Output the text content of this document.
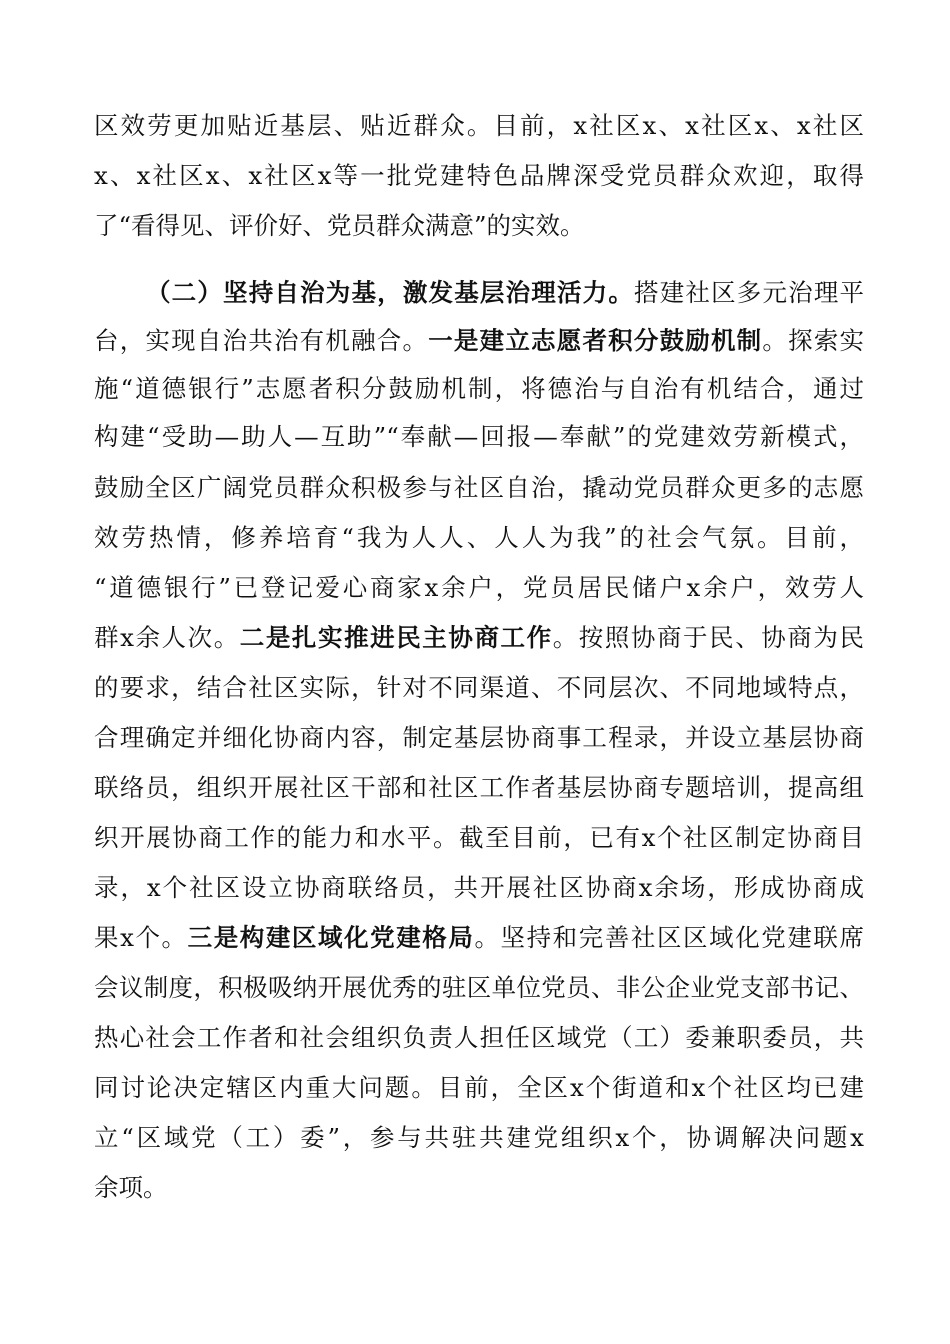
区效劳更加贴近基层、贴近群众。目前，x社区x、x社区x、x社区
x、x社区x、x社区x等一批党建特色品牌深受党员群众欢迎，取得
了“看得见、评价好、党员群众满意”的实效。
（二）坚持自治为基，激发基层治理活力。搭建社区多元治理平
台，实现自治共治有机融合。一是建立志愿者积分鼓励机制。探索实
施“道德银行”志愿者积分鼓励机制，将德治与自治有机结合，通过
构建“受助—助人—互助”“奉献—回报—奉献”的党建效劳新模式，
鼓励全区广阔党员群众积极参与社区自治，撬动党员群众更多的志愿
效劳热情，修养培育“我为人人、人人为我”的社会气氛。目前，
“道德银行”已登记爱心商家x余户，党员居民储户x余户，效劳人
群x余人次。二是扎实推进民主协商工作。按照协商于民、协商为民
的要求，结合社区实际，针对不同渠道、不同层次、不同地域特点，
合理确定并细化协商内容，制定基层协商事工程录，并设立基层协商
联络员，组织开展社区干部和社区工作者基层协商专题培训，提高组
织开展协商工作的能力和水平。截至目前，已有x个社区制定协商目
录，x个社区设立协商联络员，共开展社区协商x余场，形成协商成
果x个。三是构建区域化党建格局。坚持和完善社区区域化党建联席
会议制度，积极吸纳开展优秀的驻区单位党员、非公企业党支部书记、
热心社会工作者和社会组织负责人担任区域党（工）委兼职委员，共
同讨论决定辖区内重大问题。目前，全区x个街道和x个社区均已建
立“区域党（工）委”，参与共驻共建党组织x个，协调解决问题x
余项。
